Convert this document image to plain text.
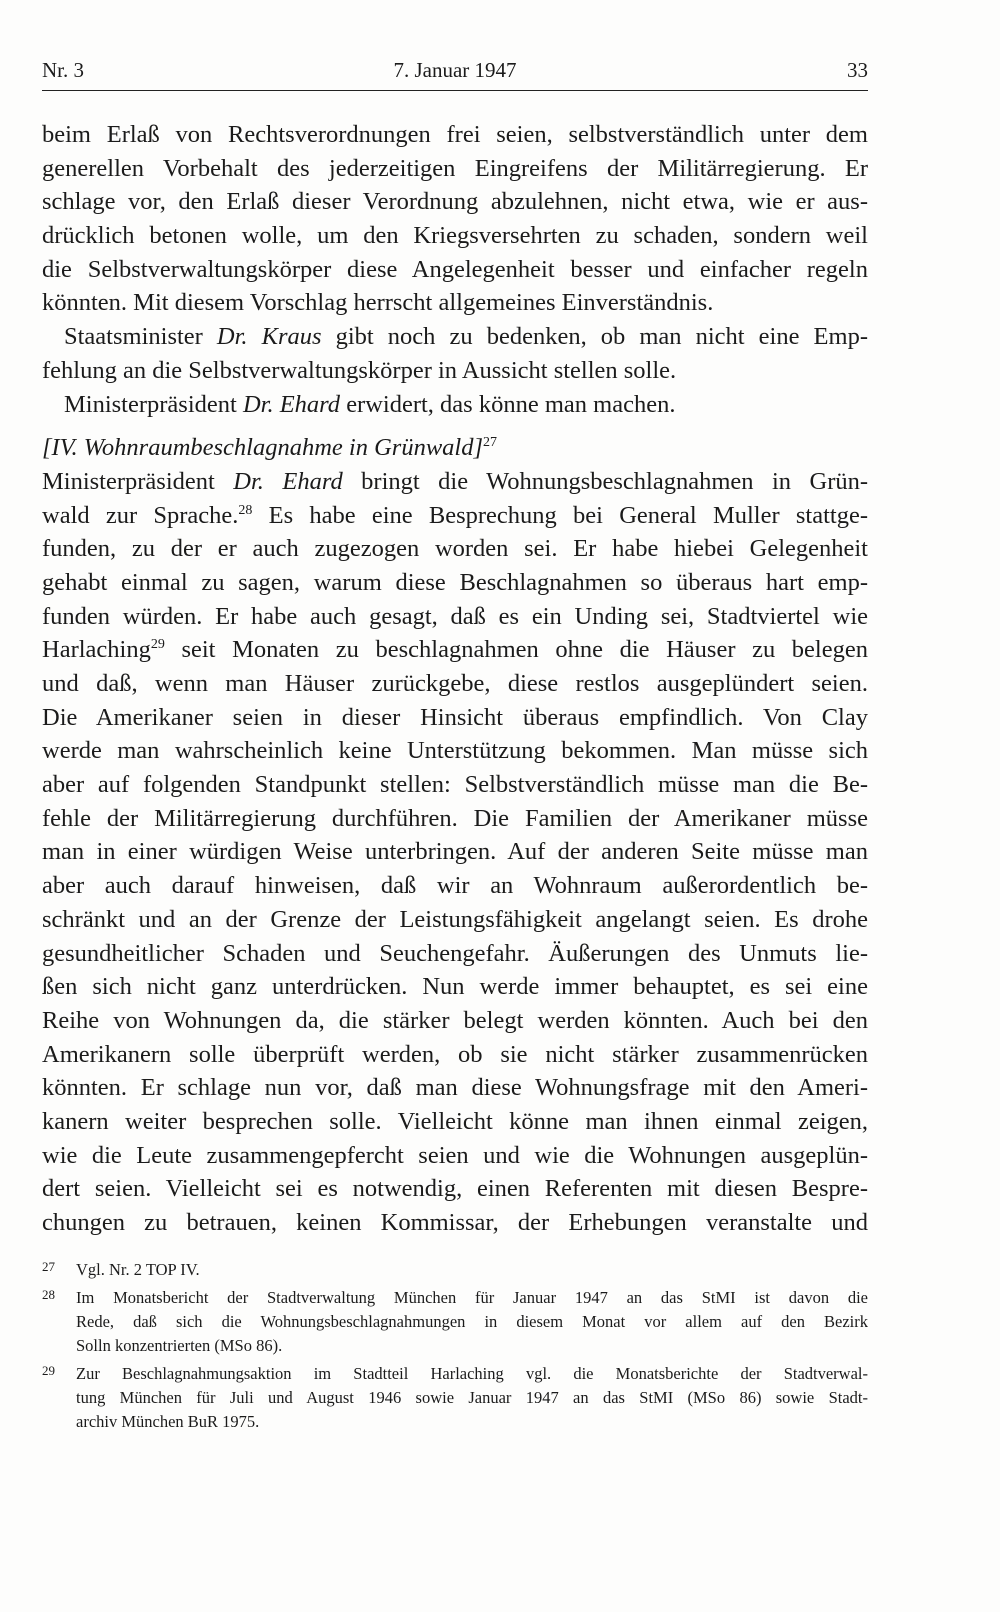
Nr. 3	7. Januar 1947	33
beim Erlaß von Rechtsverordnungen frei seien, selbstverständlich unter dem
generellen Vorbehalt des jederzeitigen Eingreifens der Militärregierung. Er
schlage vor, den Erlaß dieser Verordnung abzulehnen, nicht etwa, wie er aus-
drücklich betonen wolle, um den Kriegsversehrten zu schaden, sondern weil
die Selbstverwaltungskörper diese Angelegenheit besser und einfacher regeln
könnten. Mit diesem Vorschlag herrscht allgemeines Einverständnis.
Staatsminister Dr. Kraus gibt noch zu bedenken, ob man nicht eine Emp-
fehlung an die Selbstverwaltungskörper in Aussicht stellen solle.
Ministerpräsident Dr. Ehard erwidert, das könne man machen.
[IV. Wohnraumbeschlagnahme in Grünwald]$^{27}$
Ministerpräsident Dr. Ehard bringt die Wohnungsbeschlagnahmen in Grün-
wald zur Sprache.$^{28}$ Es habe eine Besprechung bei General Muller stattge-
funden, zu der er auch zugezogen worden sei. Er habe hiebei Gelegenheit
gehabt einmal zu sagen, warum diese Beschlagnahmen so überaus hart emp-
funden würden. Er habe auch gesagt, daß es ein Unding sei, Stadtviertel wie
Harlaching$^{29}$ seit Monaten zu beschlagnahmen ohne die Häuser zu belegen
und daß, wenn man Häuser zurückgebe, diese restlos ausgeplündert seien.
Die Amerikaner seien in dieser Hinsicht überaus empfindlich. Von Clay
werde man wahrscheinlich keine Unterstützung bekommen. Man müsse sich
aber auf folgenden Standpunkt stellen: Selbstverständlich müsse man die Be-
fehle der Militärregierung durchführen. Die Familien der Amerikaner müsse
man in einer würdigen Weise unterbringen. Auf der anderen Seite müsse man
aber auch darauf hinweisen, daß wir an Wohnraum außerordentlich be-
schränkt und an der Grenze der Leistungsfähigkeit angelangt seien. Es drohe
gesundheitlicher Schaden und Seuchengefahr. Äußerungen des Unmuts lie-
ßen sich nicht ganz unterdrücken. Nun werde immer behauptet, es sei eine
Reihe von Wohnungen da, die stärker belegt werden könnten. Auch bei den
Amerikanern solle überprüft werden, ob sie nicht stärker zusammenrücken
könnten. Er schlage nun vor, daß man diese Wohnungsfrage mit den Ameri-
kanern weiter besprechen solle. Vielleicht könne man ihnen einmal zeigen,
wie die Leute zusammengepfercht seien und wie die Wohnungen ausgeplün-
dert seien. Vielleicht sei es notwendig, einen Referenten mit diesen Bespre-
chungen zu betrauen, keinen Kommissar, der Erhebungen veranstalte und
27 Vgl. Nr. 2 TOP IV.
28 Im Monatsbericht der Stadtverwaltung München für Januar 1947 an das StMI ist davon die
Rede, daß sich die Wohnungsbeschlagnahmungen in diesem Monat vor allem auf den Bezirk
Solln konzentrierten (MSo 86).
29 Zur Beschlagnahmungsaktion im Stadtteil Harlaching vgl. die Monatsberichte der Stadtverwal-
tung München für Juli und August 1946 sowie Januar 1947 an das StMI (MSo 86) sowie Stadt-
archiv München BuR 1975.
